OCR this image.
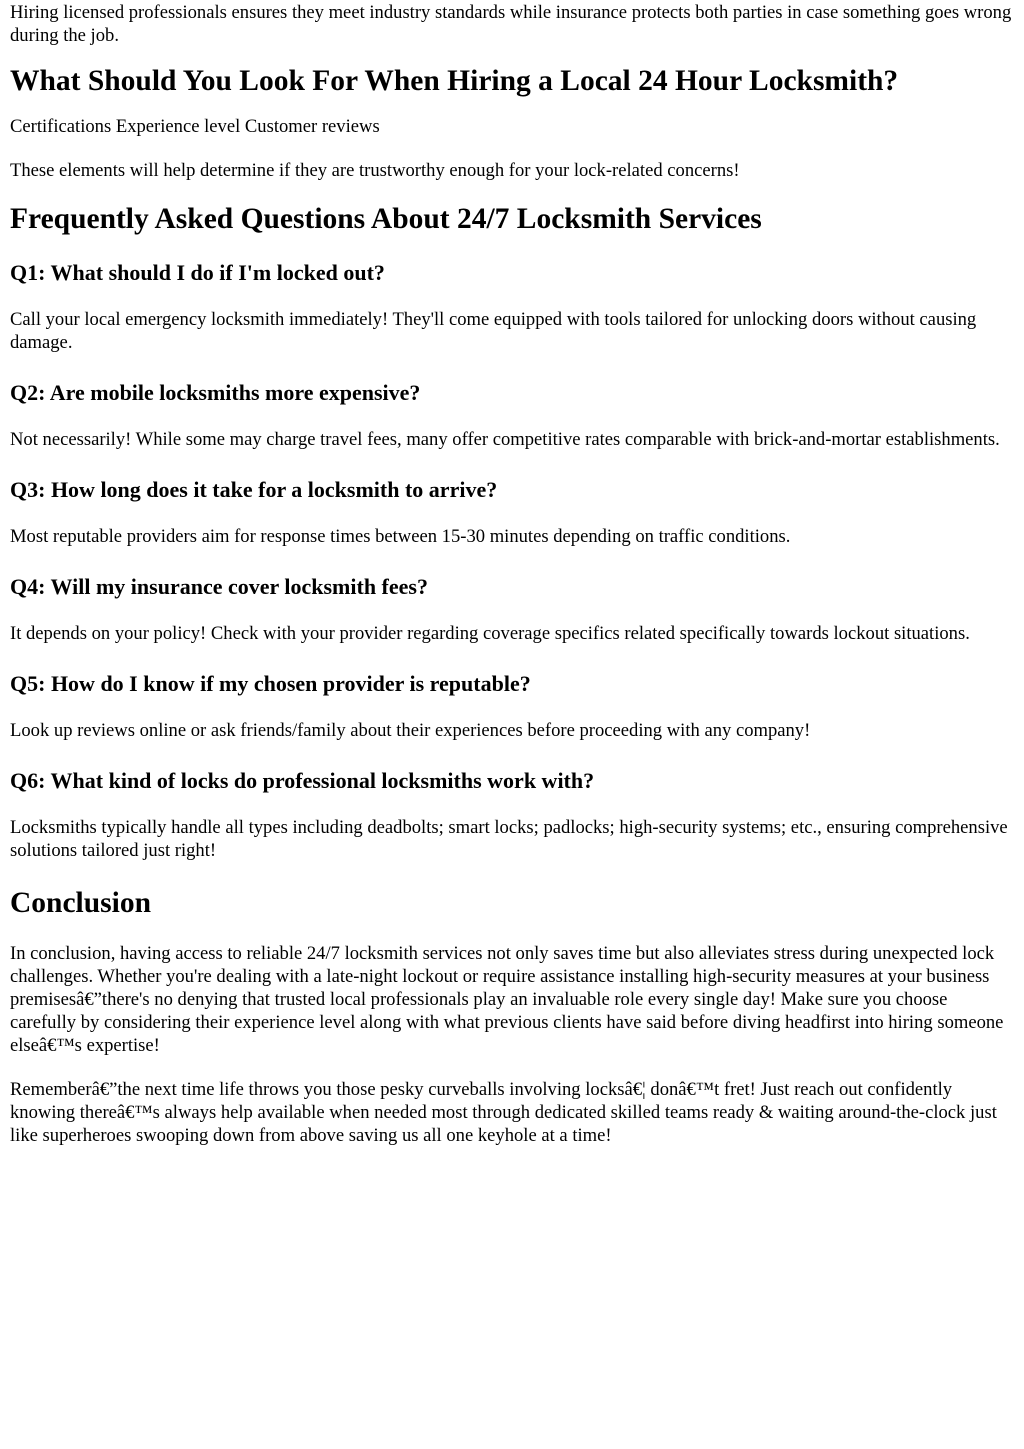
Hiring licensed professionals ensures they meet industry standards while insurance protects both parties in case something goes wrong during the job.

What Should You Look For When Hiring a Local 24 Hour Locksmith?

Certifications Experience level Customer reviews

These elements will help determine if they are trustworthy enough for your lock-related concerns!

Frequently Asked Questions About 24/7 Locksmith Services
Q1: What should I do if I'm locked out?

Call your local emergency locksmith immediately! They'll come equipped with tools tailored for unlocking doors without causing damage.

Q2: Are mobile locksmiths more expensive?

Not necessarily! While some may charge travel fees, many offer competitive rates comparable with brick-and-mortar establishments.

Q3: How long does it take for a locksmith to arrive?

Most reputable providers aim for response times between 15-30 minutes depending on traffic conditions.

Q4: Will my insurance cover locksmith fees?

It depends on your policy! Check with your provider regarding coverage specifics related specifically towards lockout situations.

Q5: How do I know if my chosen provider is reputable?

Look up reviews online or ask friends/family about their experiences before proceeding with any company!

Q6: What kind of locks do professional locksmiths work with?

Locksmiths typically handle all types including deadbolts; smart locks; padlocks; high-security systems; etc., ensuring comprehensive solutions tailored just right!

Conclusion

In conclusion, having access to reliable 24/7 locksmith services not only saves time but also alleviates stress during unexpected lock challenges. Whether you're dealing with a late-night lockout or require assistance installing high-security measures at your business premisesâ€”there's no denying that trusted local professionals play an invaluable role every single day! Make sure you choose carefully by considering their experience level along with what previous clients have said before diving headfirst into hiring someone elseâ€™s expertise!

Rememberâ€”the next time life throws you those pesky curveballs involving locksâ€¦ donâ€™t fret! Just reach out confidently knowing thereâ€™s always help available when needed most through dedicated skilled teams ready & waiting around-the-clock just like superheroes swooping down from above saving us all one keyhole at a time!
